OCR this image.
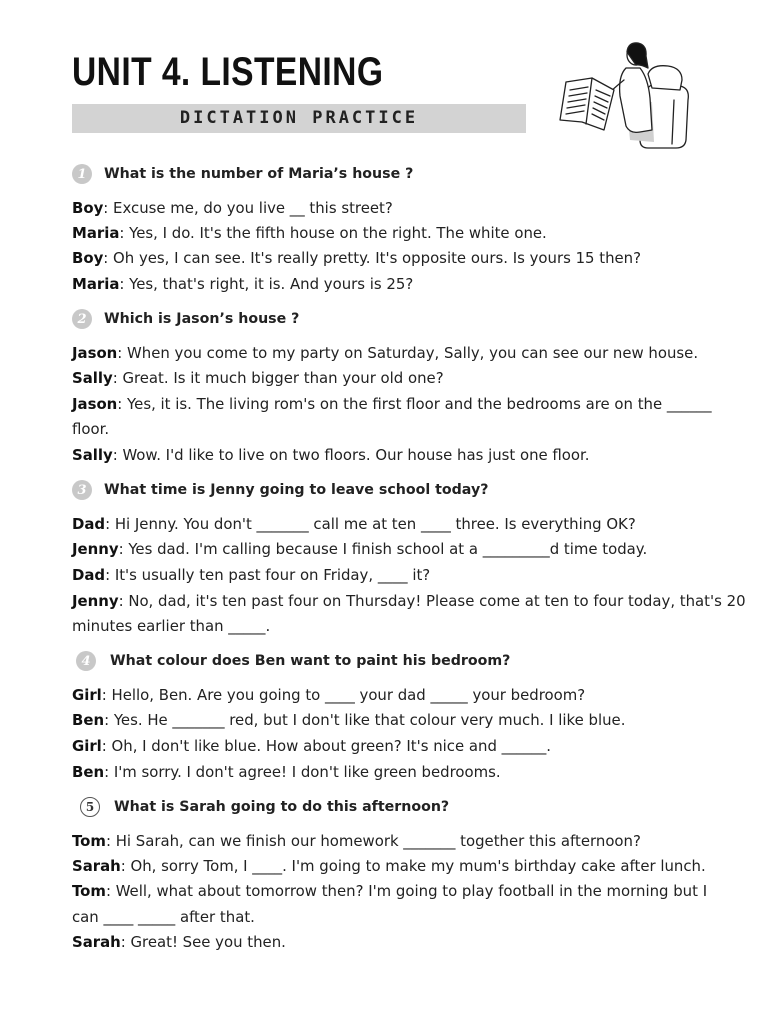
UNIT 4. LISTENING
DICTATION PRACTICE
1	What is the number of Maria’s house ?
Boy: Excuse me, do you live __ this street?
Maria: Yes, I do. It's the fifth house on the right. The white one.
Boy: Oh yes, I can see. It's really pretty. It's opposite ours. Is yours 15 then?
Maria: Yes, that's right, it is. And yours is 25?
2	Which is Jason’s house ?
Jason: When you come to my party on Saturday, Sally, you can see our new house.
Sally: Great. Is it much bigger than your old one?
Jason: Yes, it is. The living rom's on the first floor and the bedrooms are on the ______
floor.
Sally: Wow. I'd like to live on two floors. Our house has just one floor.
3	What time is Jenny going to leave school today?
Dad: Hi Jenny. You don't _______ call me at ten ____ three. Is everything OK?
Jenny: Yes dad. I'm calling because I finish school at a _________d time today.
Dad: It's usually ten past four on Friday, ____ it?
Jenny: No, dad, it's ten past four on Thursday! Please come at ten to four today, that's 20
minutes earlier than _____.
4	What colour does Ben want to paint his bedroom?
Girl: Hello, Ben. Are you going to ____ your dad _____ your bedroom?
Ben: Yes. He _______ red, but I don't like that colour very much. I like blue.
Girl: Oh, I don't like blue. How about green? It's nice and ______.
Ben: I'm sorry. I don't agree! I don't like green bedrooms.
5	What is Sarah going to do this afternoon?
Tom: Hi Sarah, can we finish our homework _______ together this afternoon?
Sarah: Oh, sorry Tom, I ____. I'm going to make my mum's birthday cake after lunch.
Tom: Well, what about tomorrow then? I'm going to play football in the morning but I
can ____ _____ after that.
Sarah: Great! See you then.
